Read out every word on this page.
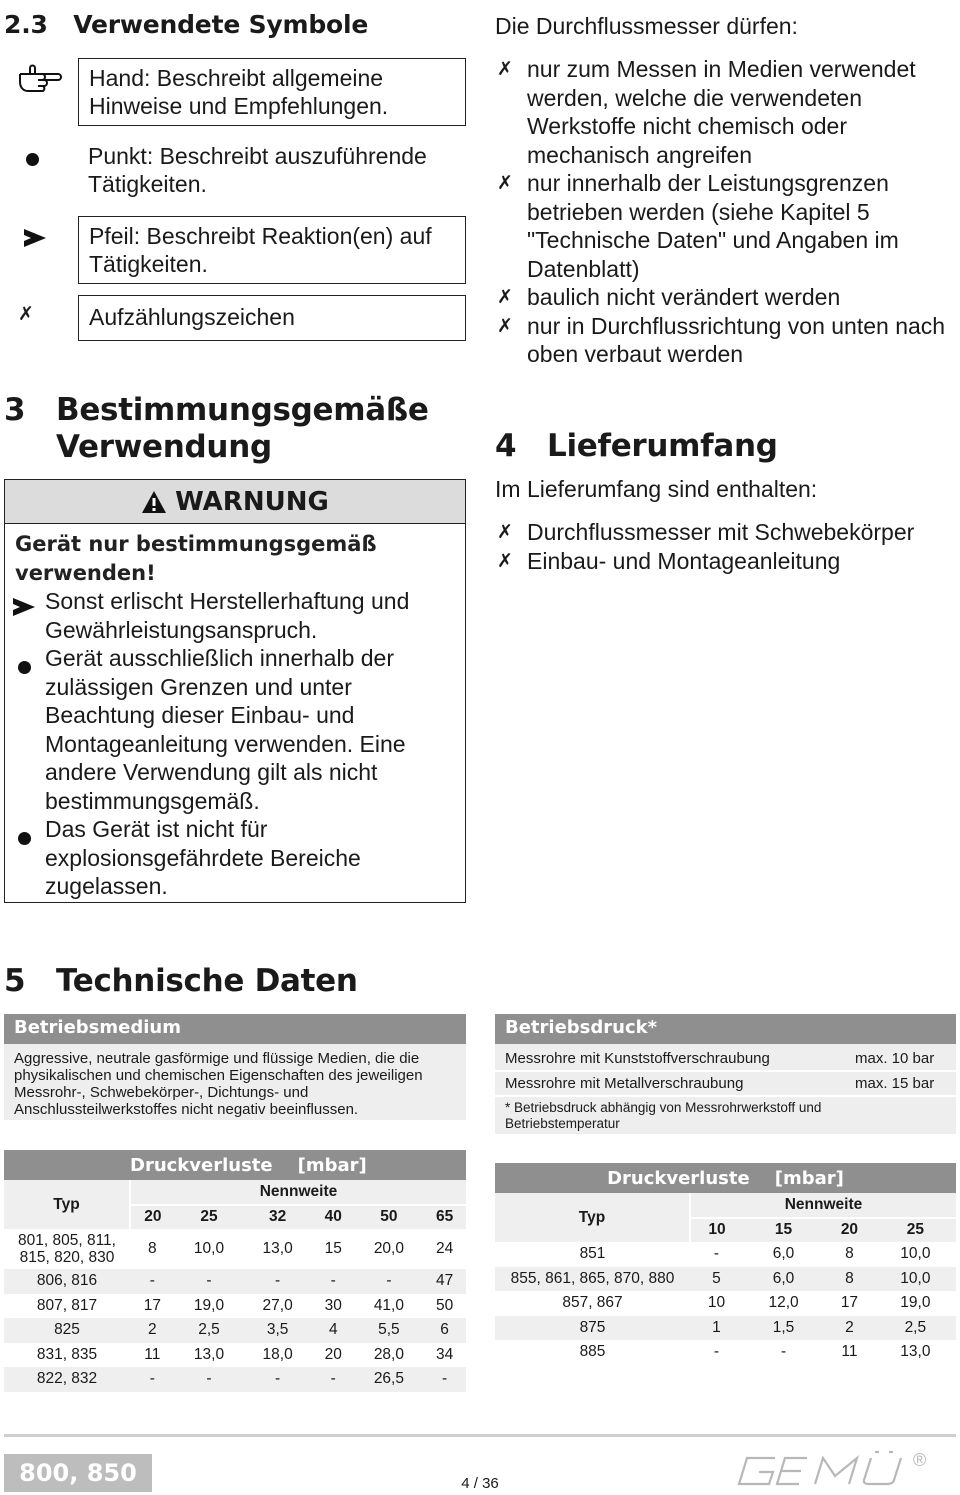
2.3   Verwendete Symbole
Hand: Beschreibt allgemeine Hinweise und Empfehlungen.
Punkt: Beschreibt auszuführende Tätigkeiten.
Pfeil: Beschreibt Reaktion(en) auf Tätigkeiten.
✗	Aufzählungszeichen
3 Bestimmungsgemäße
Verwendung
WARNUNG
Gerät nur bestimmungsgemäß verwenden!
Sonst erlischt Herstellerhaftung und Gewährleistungsanspruch.
Gerät ausschließlich innerhalb der zulässigen Grenzen und unter Beachtung dieser Einbau- und Montageanleitung verwenden. Eine andere Verwendung gilt als nicht bestimmungsgemäß.
Das Gerät ist nicht für explosionsgefährdete Bereiche zugelassen.
Die Durchflussmesser dürfen:
✗ nur zum Messen in Medien verwendet werden, welche die verwendeten Werkstoffe nicht chemisch oder mechanisch angreifen
✗ nur innerhalb der Leistungsgrenzen betrieben werden (siehe Kapitel 5 "Technische Daten" und Angaben im Datenblatt)
✗ baulich nicht verändert werden
✗ nur in Durchflussrichtung von unten nach oben verbaut werden
4 Lieferumfang
Im Lieferumfang sind enthalten:
✗ Durchflussmesser mit Schwebekörper
✗ Einbau- und Montageanleitung
5 Technische Daten
Betriebsmedium
Aggressive, neutrale gasförmige und flüssige Medien, die die physikalischen und chemischen Eigenschaften des jeweiligen Messrohr-, Schwebekörper-, Dichtungs- und Anschlussteilwerkstoffes nicht negativ beeinflussen.
Betriebsdruck*
Messrohre mit Kunststoffverschraubung	max. 10 bar
Messrohre mit Metallverschraubung	max. 15 bar
* Betriebsdruck abhängig von Messrohrwerkstoff und Betriebstemperatur
	Druckverluste    [mbar]					
Typ	Nennweite					
	20	25	32	40	50	65
801, 805, 811, 815, 820, 830	8	10,0	13,0	15	20,0	24
806, 816	-	-	-	-	-	47
807, 817	17	19,0	27,0	30	41,0	50
825	2	2,5	3,5	4	5,5	6
831, 835	11	13,0	18,0	20	28,0	34
822, 832	-	-	-	-	26,5	-
Druckverluste    [mbar]				
Typ	Nennweite			
	10	15	20	25
851	-	6,0	8	10,0
855, 861, 865, 870, 880	5	6,0	8	10,0
857, 867	10	12,0	17	19,0
875	1	1,5	2	2,5
885	-	-	11	13,0
800, 850	4 / 36
®
